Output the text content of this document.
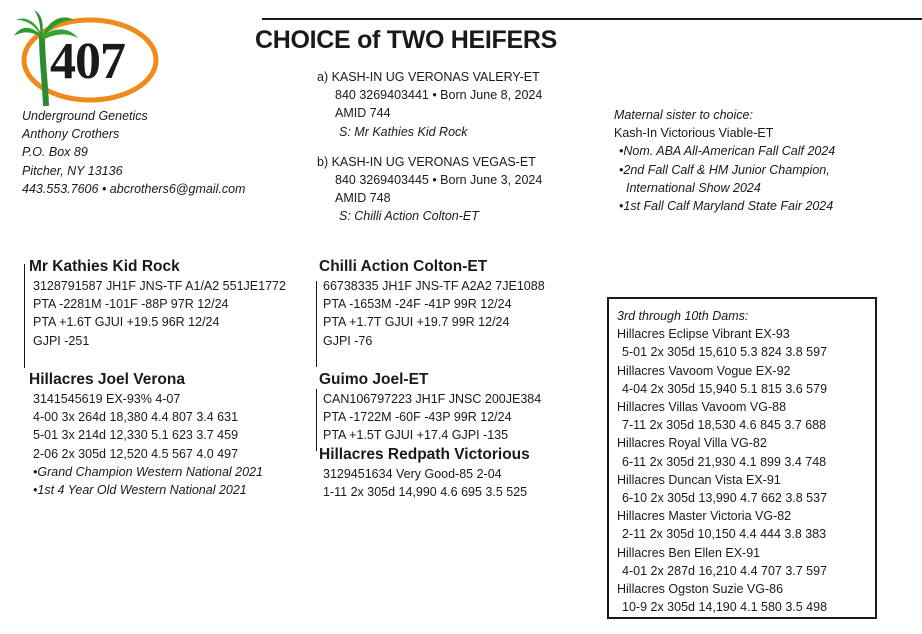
407	CHOICE of TWO HEIFERS
Underground Genetics
Anthony Crothers
P.O. Box 89
Pitcher, NY 13136
443.553.7606 • abcrothers6@gmail.com
a) KASH-IN UG VERONAS VALERY-ET
840 3269403441 • Born June 8, 2024
AMID 744
S: Mr Kathies Kid Rock
b) KASH-IN UG VERONAS VEGAS-ET
840 3269403445 • Born June 3, 2024
AMID 748
S: Chilli Action Colton-ET
Maternal sister to choice:
Kash-In Victorious Viable-ET
•Nom. ABA All-American Fall Calf 2024
•2nd Fall Calf & HM Junior Champion,
International Show 2024
•1st Fall Calf Maryland State Fair 2024
Mr Kathies Kid Rock
3128791587 JH1F JNS-TF A1/A2 551JE1772
PTA -2281M -101F -88P 97R 12/24
PTA +1.6T GJUI +19.5 96R 12/24
GJPI -251
Chilli Action Colton-ET
66738335 JH1F JNS-TF A2A2 7JE1088
PTA -1653M -24F -41P 99R 12/24
PTA +1.7T GJUI +19.7 99R 12/24
GJPI -76
Hillacres Joel Verona
3141545619 EX-93% 4-07
4-00 3x 264d 18,380 4.4 807 3.4 631
5-01 3x 214d 12,330 5.1 623 3.7 459
2-06 2x 305d 12,520 4.5 567 4.0 497
•Grand Champion Western National 2021
•1st 4 Year Old Western National 2021
Guimo Joel-ET
CAN106797223 JH1F JNSC 200JE384
PTA -1722M -60F -43P 99R 12/24
PTA +1.5T GJUI +17.4 GJPI -135
Hillacres Redpath Victorious
3129451634 Very Good-85 2-04
1-11 2x 305d 14,990 4.6 695 3.5 525
3rd through 10th Dams:
Hillacres Eclipse Vibrant EX-93
5-01 2x 305d 15,610 5.3 824 3.8 597
Hillacres Vavoom Vogue EX-92
4-04 2x 305d 15,940 5.1 815 3.6 579
Hillacres Villas Vavoom VG-88
7-11 2x 305d 18,530 4.6 845 3.7 688
Hillacres Royal Villa VG-82
6-11 2x 305d 21,930 4.1 899 3.4 748
Hillacres Duncan Vista EX-91
6-10 2x 305d 13,990 4.7 662 3.8 537
Hillacres Master Victoria VG-82
2-11 2x 305d 10,150 4.4 444 3.8 383
Hillacres Ben Ellen EX-91
4-01 2x 287d 16,210 4.4 707 3.7 597
Hillacres Ogston Suzie VG-86
10-9 2x 305d 14,190 4.1 580 3.5 498
